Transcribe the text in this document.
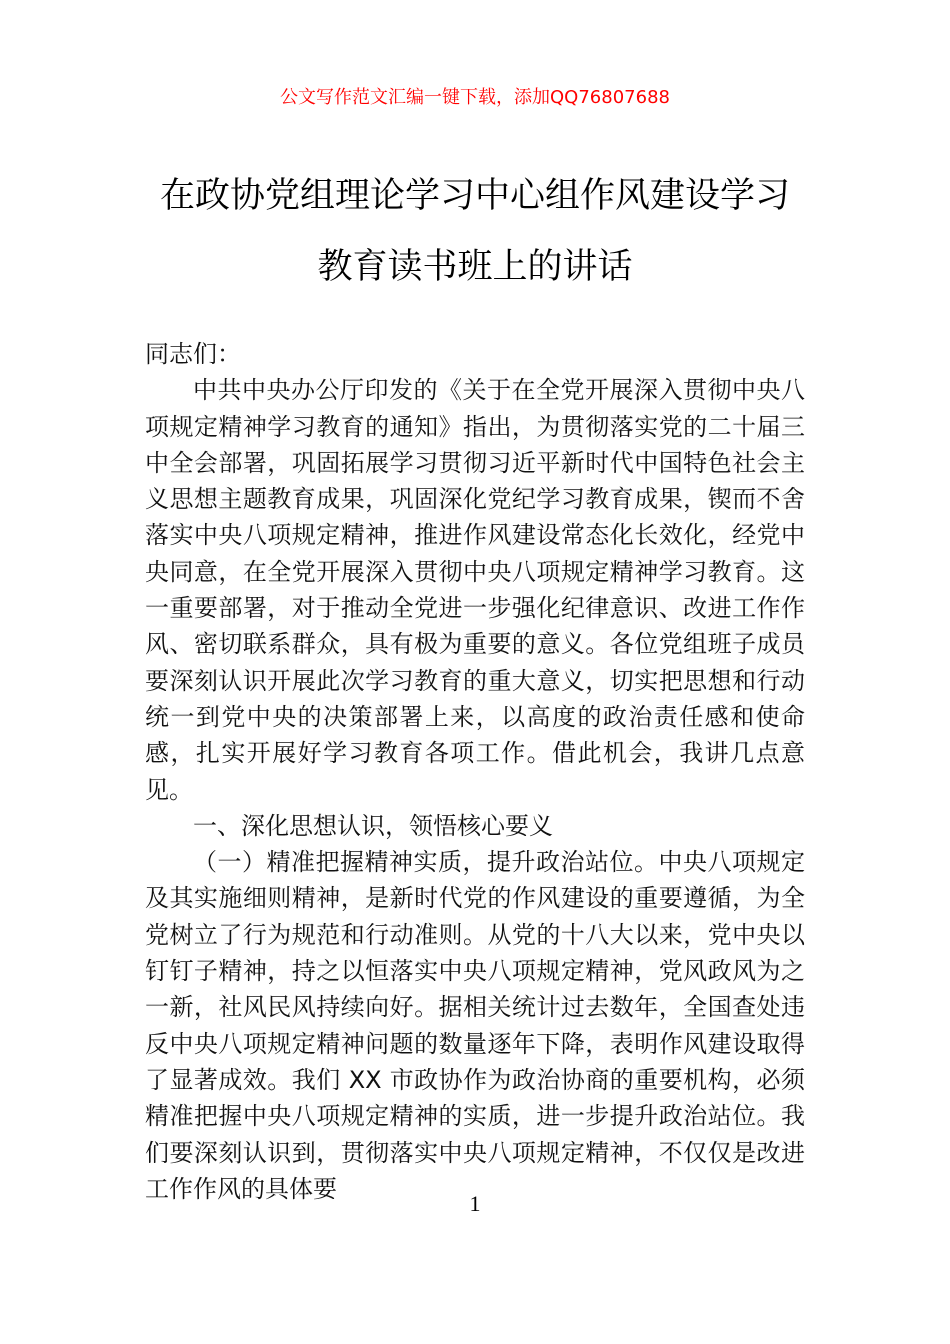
公文写作范文汇编一键下载，添加QQ76807688
在政协党组理论学习中心组作风建设学习
教育读书班上的讲话

同志们：

中共中央办公厅印发的《关于在全党开展深入贯彻中央八项规定精神学习教育的通知》指出，为贯彻落实党的二十届三中全会部署，巩固拓展学习贯彻习近平新时代中国特色社会主义思想主题教育成果，巩固深化党纪学习教育成果，锲而不舍落实中央八项规定精神，推进作风建设常态化长效化，经党中央同意，在全党开展深入贯彻中央八项规定精神学习教育。这一重要部署，对于推动全党进一步强化纪律意识、改进工作作风、密切联系群众，具有极为重要的意义。各位党组班子成员要深刻认识开展此次学习教育的重大意义，切实把思想和行动统一到党中央的决策部署上来，以高度的政治责任感和使命感，扎实开展好学习教育各项工作。借此机会，我讲几点意见。

一、深化思想认识，领悟核心要义

（一）精准把握精神实质，提升政治站位。中央八项规定及其实施细则精神，是新时代党的作风建设的重要遵循，为全党树立了行为规范和行动准则。从党的十八大以来，党中央以钉钉子精神，持之以恒落实中央八项规定精神，党风政风为之一新，社风民风持续向好。据相关统计过去数年，全国查处违反中央八项规定精神问题的数量逐年下降，表明作风建设取得了显著成效。我们 XX 市政协作为政治协商的重要机构，必须精准把握中央八项规定精神的实质，进一步提升政治站位。我们要深刻认识到，贯彻落实中央八项规定精神，不仅仅是改进工作作风的具体要

1
